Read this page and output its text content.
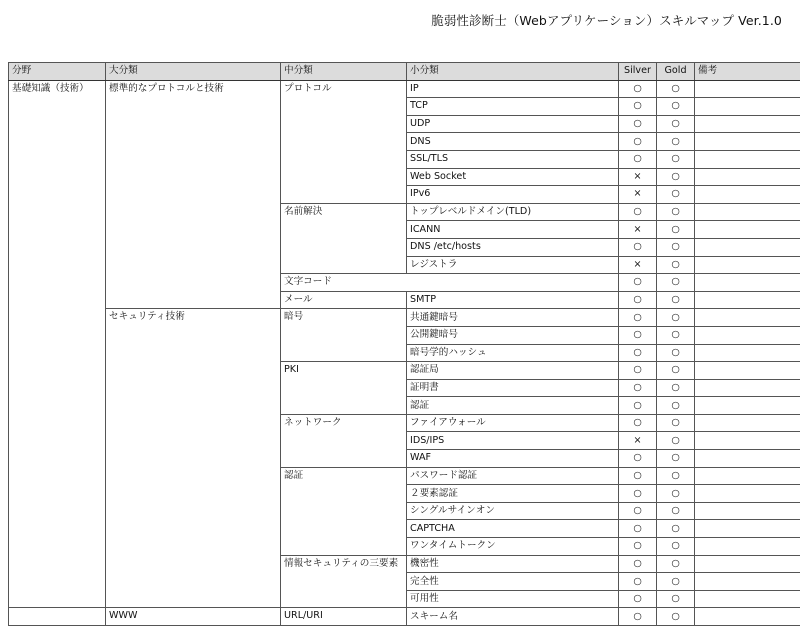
脆弱性診断士（Webアプリケーション）スキルマップ Ver.1.0
分野	大分類	中分類	小分類	Silver	Gold	備考
基礎知識（技術）	標準的なプロトコルと技術	プロトコル	IP	○	○	
			TCP	○	○	
			UDP	○	○	
			DNS	○	○	
			SSL/TLS	○	○	
			Web Socket	×	○	
			IPv6	×	○	
		名前解決	トップレベルドメイン(TLD)	○	○	
			ICANN	×	○	
			DNS /etc/hosts	○	○	
			レジストラ	×	○	
		文字コード		○	○	
		メール	SMTP	○	○	
	セキュリティ技術	暗号	共通鍵暗号	○	○	
			公開鍵暗号	○	○	
			暗号学的ハッシュ	○	○	
		PKI	認証局	○	○	
			証明書	○	○	
			認証	○	○	
		ネットワーク	ファイアウォール	○	○	
			IDS/IPS	×	○	
			WAF	○	○	
		認証	パスワード認証	○	○	
			２要素認証	○	○	
			シングルサインオン	○	○	
			CAPTCHA	○	○	
			ワンタイムトークン	○	○	
		情報セキュリティの三要素	機密性	○	○	
			完全性	○	○	
			可用性	○	○	
	WWW	URL/URI	スキーム名	○	○	
